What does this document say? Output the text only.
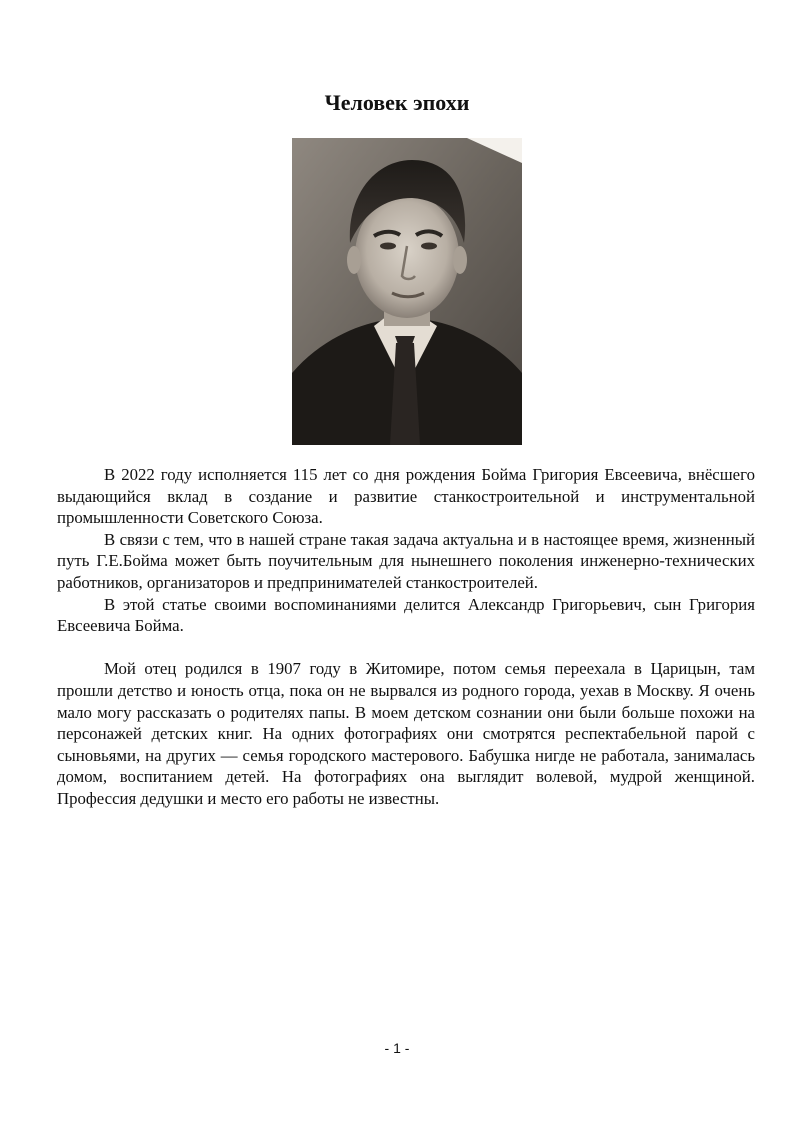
Человек эпохи

В 2022 году исполняется 115 лет со дня рождения Бойма Григория Евсеевича, внёсшего выдающийся вклад в создание и развитие станкостроительной и инструментальной промышленности Советского Союза.

В связи с тем, что в нашей стране такая задача актуальна и в настоящее время, жизненный путь Г.Е.Бойма может быть поучительным для нынешнего поколения инженерно-технических работников, организаторов и предпринимателей станкостроителей.

В этой статье своими воспоминаниями делится Александр Григорьевич, сын Григория Евсеевича Бойма.

Мой отец родился в 1907 году в Житомире, потом семья переехала в Царицын, там прошли детство и юность отца, пока он не вырвался из родного города, уехав в Москву. Я очень мало могу рассказать о родителях папы. В моем детском сознании они были больше похожи на персонажей детских книг. На одних фотографиях они смотрятся респектабельной парой с сыновьями, на других — семья городского мастерового. Бабушка нигде не работала, занималась домом, воспитанием детей. На фотографиях она выглядит волевой, мудрой женщиной. Профессия дедушки и место его работы не известны.

- 1 -
